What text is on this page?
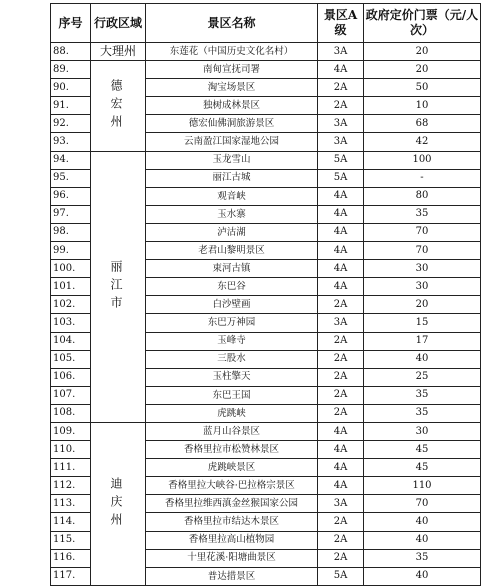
序号	行政区域	景区名称	景区A级	政府定价门票（元/人次）
88.	大理州	东莲花（中国历史文化名村）	3A	20
89.	德宏州	南甸宣抚司署	4A	20
90.		淘宝场景区	2A	50
91.		独树成林景区	2A	10
92.		德宏仙佛洞旅游景区	3A	68
93.		云南盈江国家湿地公园	3A	42
94.	丽江市	玉龙雪山	5A	100
95.		丽江古城	5A	-
96.		观音峡	4A	80
97.		玉水寨	4A	35
98.		泸沽湖	4A	70
99.		老君山黎明景区	4A	70
100.		束河古镇	4A	30
101.		东巴谷	4A	30
102.		白沙壁画	2A	20
103.		东巴万神园	3A	15
104.		玉峰寺	2A	17
105.		三股水	2A	40
106.		玉柱擎天	2A	25
107.		东巴王国	2A	35
108.		虎跳峡	2A	35
109.	迪庆州	蓝月山谷景区	4A	30
110.		香格里拉市松赞林景区	4A	45
111.		虎跳峡景区	4A	45
112.		香格里拉大峡谷·巴拉格宗景区	4A	110
113.		香格里拉维西滇金丝猴国家公园	3A	70
114.		香格里拉市结达木景区	2A	40
115.		香格里拉高山植物园	2A	40
116.		十里花溪·阳塘曲景区	2A	35
117.		普达措景区	5A	40
